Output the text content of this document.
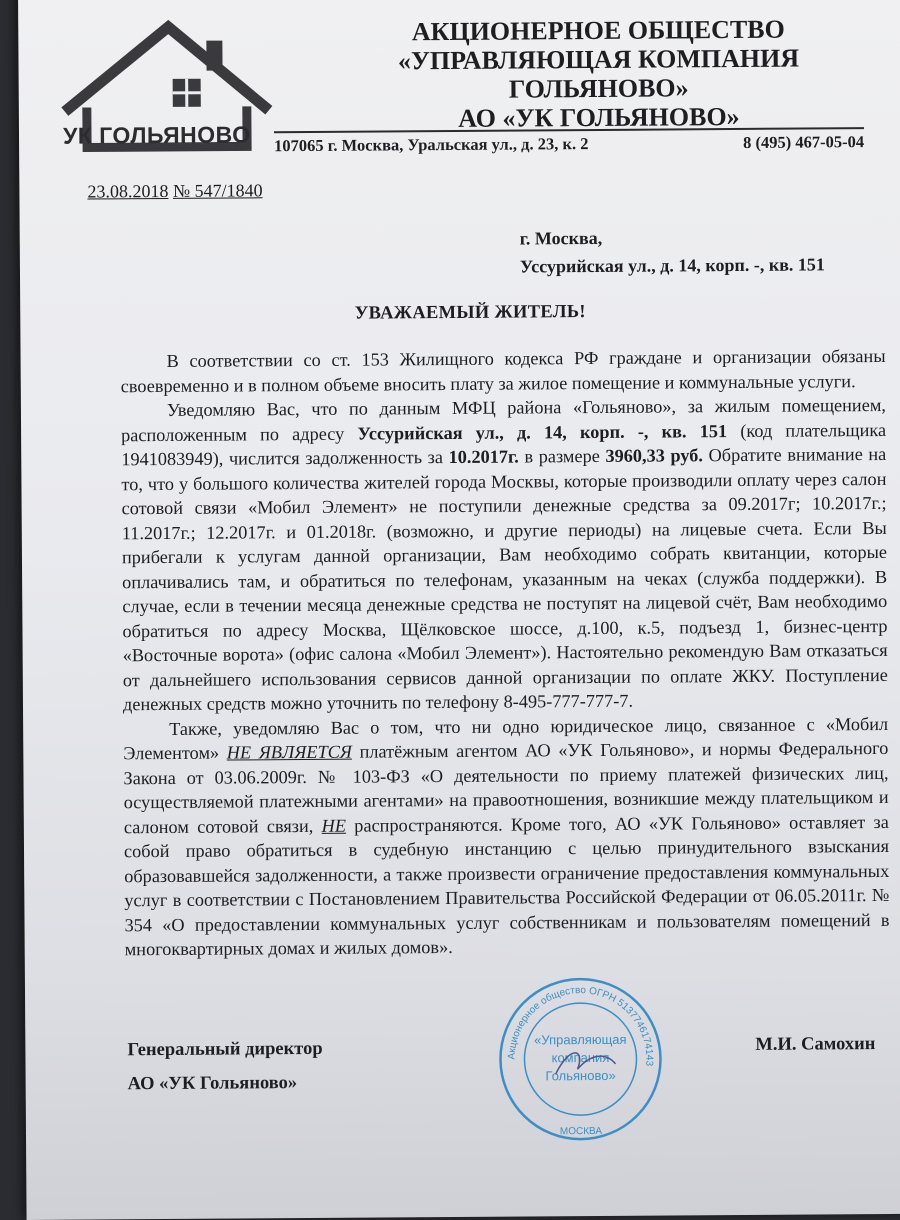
УК ГОЛЬЯНОВО
АКЦИОНЕРНОЕ ОБЩЕСТВО
«УПРАВЛЯЮЩАЯ КОМПАНИЯ ГОЛЬЯНОВО»
АО «УК ГОЛЬЯНОВО»
107065 г. Москва, Уральская ул., д. 23, к. 2	8 (495) 467-05-04
23.08.2018 № 547/1840
г. Москва,
Уссурийская ул., д. 14, корп. -, кв. 151
УВАЖАЕМЫЙ ЖИТЕЛЬ!

В соответствии со ст. 153 Жилищного кодекса РФ граждане и организации обязаны своевременно и в полном объеме вносить плату за жилое помещение и коммунальные услуги.

Уведомляю Вас, что по данным МФЦ района «Гольяново», за жилым помещением, расположенным по адресу Уссурийская ул., д. 14, корп. -, кв. 151 (код плательщика 1941083949), числится задолженность за 10.2017г. в размере 3960,33 руб. Обратите внимание на то, что у большого количества жителей города Москвы, которые производили оплату через салон сотовой связи «Мобил Элемент» не поступили денежные средства за 09.2017г; 10.2017г.; 11.2017г.; 12.2017г. и 01.2018г. (возможно, и другие периоды) на лицевые счета. Если Вы прибегали к услугам данной организации, Вам необходимо собрать квитанции, которые оплачивались там, и обратиться по телефонам, указанным на чеках (служба поддержки). В случае, если в течении месяца денежные средства не поступят на лицевой счёт, Вам необходимо обратиться по адресу Москва, Щёлковское шоссе, д.100, к.5, подъезд 1, бизнес-центр «Восточные ворота» (офис салона «Мобил Элемент»). Настоятельно рекомендую Вам отказаться от дальнейшего использования сервисов данной организации по оплате ЖКУ. Поступление денежных средств можно уточнить по телефону 8-495-777-777-7.

Также, уведомляю Вас о том, что ни одно юридическое лицо, связанное с «Мобил Элементом» НЕ ЯВЛЯЕТСЯ платёжным агентом АО «УК Гольяново», и нормы Федерального Закона от 03.06.2009г. № 103-ФЗ «О деятельности по приему платежей физических лиц, осуществляемой платежными агентами» на правоотношения, возникшие между плательщиком и салоном сотовой связи, НЕ распространяются. Кроме того, АО «УК Гольяново» оставляет за собой право обратиться в судебную инстанцию с целью принудительного взыскания образовавшейся задолженности, а также произвести ограничение предоставления коммунальных услуг в соответствии с Постановлением Правительства Российской Федерации от 06.05.2011г. № 354 «О предоставлении коммунальных услуг собственникам и пользователям помещений в многоквартирных домах и жилых домов».

Акционерное общество ОГРН 5137746174143
«Управляющая
компания
Гольяново»
МОСКВА
Генеральный директор
АО «УК Гольяново»
М.И. Самохин
